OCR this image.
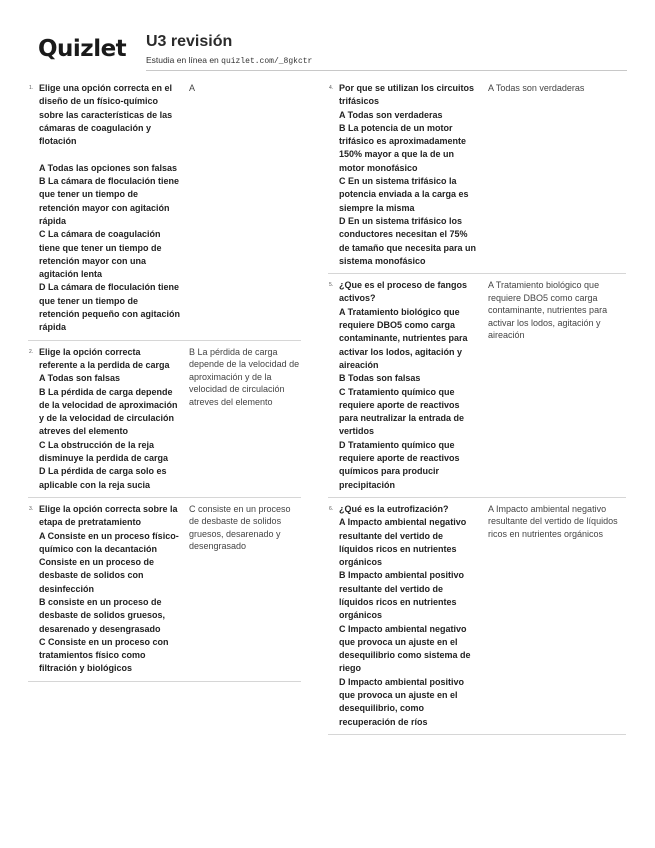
Quizlet U3 revisión
Estudia en línea en quizlet.com/_8gkctr
1. Elige una opción correcta en el diseño de un físico-químico sobre las características de las cámaras de coagulación y flotación

A Todas las opciones son falsas
B La cámara de floculación tiene que tener un tiempo de retención mayor con agitación rápida
C La cámara de coagulación tiene que tener un tiempo de retención mayor con una agitación lenta
D La cámara de floculación tiene que tener un tiempo de retención pequeño con agitación rápida
A
2. Elige la opción correcta referente a la perdida de carga
A Todas son falsas
B La pérdida de carga depende de la velocidad de aproximación y de la velocidad de circulación atreves del elemento
C La obstrucción de la reja disminuye la perdida de carga
D La pérdida de carga solo es aplicable con la reja sucia
B La pérdida de carga depende de la velocidad de aproximación y de la velocidad de circulación atreves del elemento
3. Elige la opción correcta sobre la etapa de pretratamiento
A Consiste en un proceso físico-químico con la decantación Consiste en un proceso de desbaste de solidos con desinfección
B consiste en un proceso de desbaste de solidos gruesos, desarenado y desengrasado
C Consiste en un proceso con tratamientos físico como filtración y biológicos
C consiste en un proceso de desbaste de solidos gruesos, desarenado y desengrasado
4. Por que se utilizan los circuitos trifásicos
A Todas son verdaderas
B La potencia de un motor trifásico es aproximadamente 150% mayor a que la de un motor monofásico
C En un sistema trifásico la potencia enviada a la carga es siempre la misma
D En un sistema trifásico los conductores necesitan el 75% de tamaño que necesita para un sistema monofásico
A Todas son verdaderas
5. ¿Que es el proceso de fangos activos?
A Tratamiento biológico que requiere DBO5 como carga contaminante, nutrientes para activar los lodos, agitación y aireación
B Todas son falsas
C Tratamiento químico que requiere aporte de reactivos para neutralizar la entrada de vertidos
D Tratamiento químico que requiere aporte de reactivos químicos para producir precipitación
A Tratamiento biológico que requiere DBO5 como carga contaminante, nutrientes para activar los lodos, agitación y aireación
6. ¿Qué es la eutrofización?
A Impacto ambiental negativo resultante del vertido de líquidos ricos en nutrientes orgánicos
B Impacto ambiental positivo resultante del vertido de líquidos ricos en nutrientes orgánicos
C Impacto ambiental negativo que provoca un ajuste en el desequilibrio como sistema de riego
D Impacto ambiental positivo que provoca un ajuste en el desequilibrio, como recuperación de ríos
A Impacto ambiental negativo resultante del vertido de líquidos ricos en nutrientes orgánicos
